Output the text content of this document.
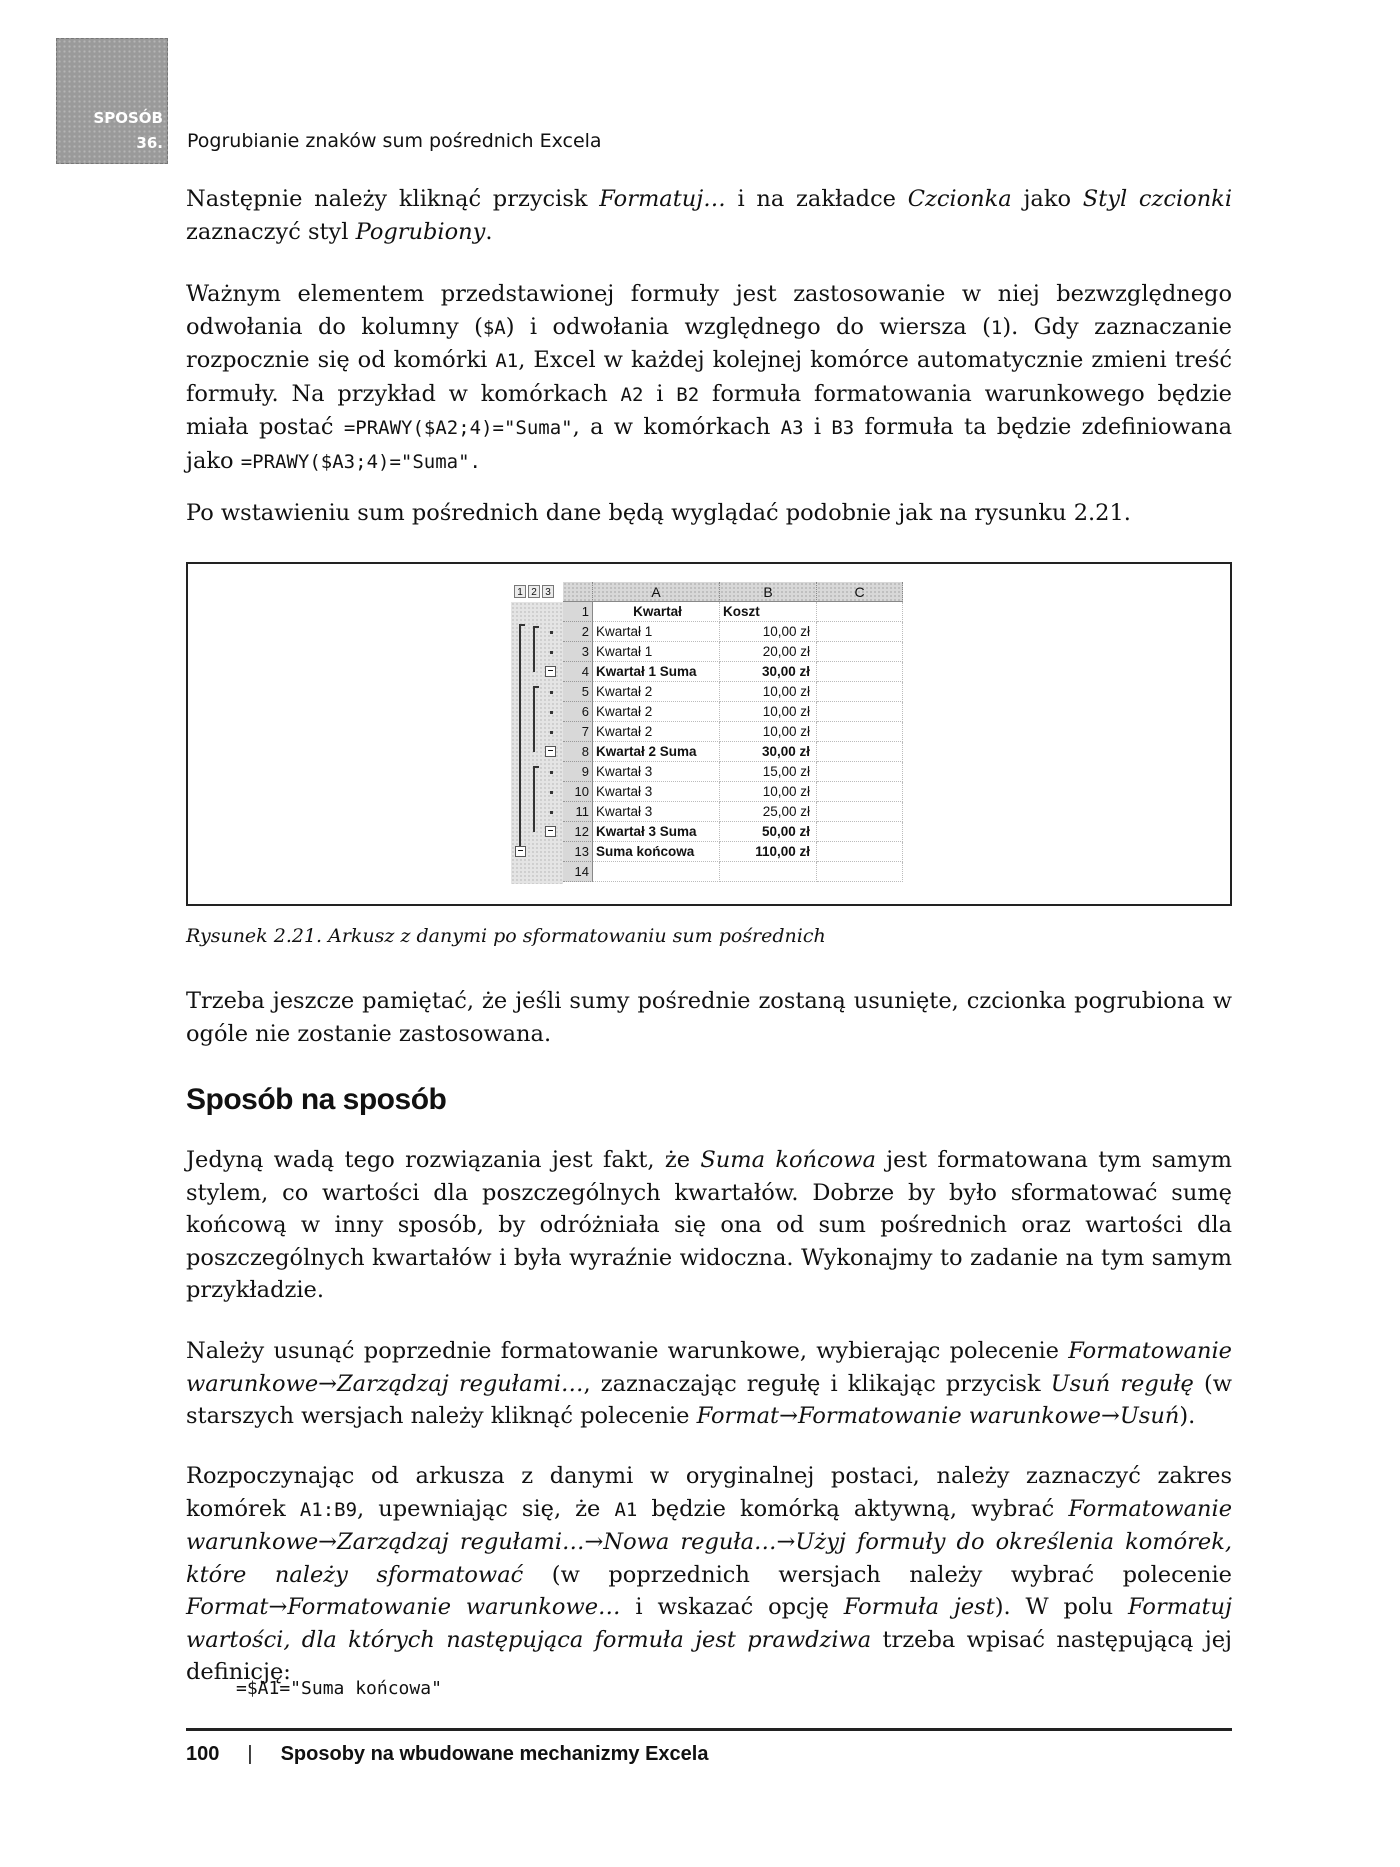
SPOSÓB
36. Pogrubianie znaków sum pośrednich Excela

Następnie należy kliknąć przycisk Formatuj… i na zakładce Czcionka jako Styl czcionki zaznaczyć styl Pogrubiony.

Ważnym elementem przedstawionej formuły jest zastosowanie w niej bezwzględnego odwołania do kolumny ($A) i odwołania względnego do wiersza (1). Gdy zaznaczanie rozpocznie się od komórki A1, Excel w każdej kolejnej komórce automatycznie zmieni treść formuły. Na przykład w komórkach A2 i B2 formuła formatowania warunkowego będzie miała postać =PRAWY($A2;4)="Suma", a w komórkach A3 i B3 formuła ta będzie zdefiniowana jako =PRAWY($A3;4)="Suma".

Po wstawieniu sum pośrednich dane będą wyglądać podobnie jak na rysunku 2.21.

1 2 3	A	B	C
1	Kwartał	Koszt
2 Kwartał 1	10,00 zł
3 Kwartał 1	20,00 zł
4 Kwartał 1 Suma	30,00 zł
5 Kwartał 2	10,00 zł
6 Kwartał 2	10,00 zł
7 Kwartał 2	10,00 zł
8 Kwartał 2 Suma	30,00 zł
9 Kwartał 3	15,00 zł
10 Kwartał 3	10,00 zł
11 Kwartał 3	25,00 zł
12 Kwartał 3 Suma	50,00 zł
13 Suma końcowa	110,00 zł
14
–
–
–
–
Rysunek 2.21. Arkusz z danymi po sformatowaniu sum pośrednich

Trzeba jeszcze pamiętać, że jeśli sumy pośrednie zostaną usunięte, czcionka pogrubiona w ogóle nie zostanie zastosowana.

Sposób na sposób

Jedyną wadą tego rozwiązania jest fakt, że Suma końcowa jest formatowana tym samym stylem, co wartości dla poszczególnych kwartałów. Dobrze by było sformatować sumę końcową w inny sposób, by odróżniała się ona od sum pośrednich oraz wartości dla poszczególnych kwartałów i była wyraźnie widoczna. Wykonajmy to zadanie na tym samym przykładzie.

Należy usunąć poprzednie formatowanie warunkowe, wybierając polecenie Formatowanie warunkowe→Zarządzaj regułami…, zaznaczając regułę i klikając przycisk Usuń regułę (w starszych wersjach należy kliknąć polecenie Format→Formatowanie warunkowe→Usuń).

Rozpoczynając od arkusza z danymi w oryginalnej postaci, należy zaznaczyć zakres komórek A1:B9, upewniając się, że A1 będzie komórką aktywną, wybrać Formatowanie warunkowe→Zarządzaj regułami…→Nowa reguła…→Użyj formuły do określenia komórek, które należy sformatować (w poprzednich wersjach należy wybrać polecenie Format→Formatowanie warunkowe… i wskazać opcję Formuła jest). W polu Formatuj wartości, dla których następująca formuła jest prawdziwa trzeba wpisać następującą jej definicję:

=$A1="Suma końcowa"
100 | Sposoby na wbudowane mechanizmy Excela
